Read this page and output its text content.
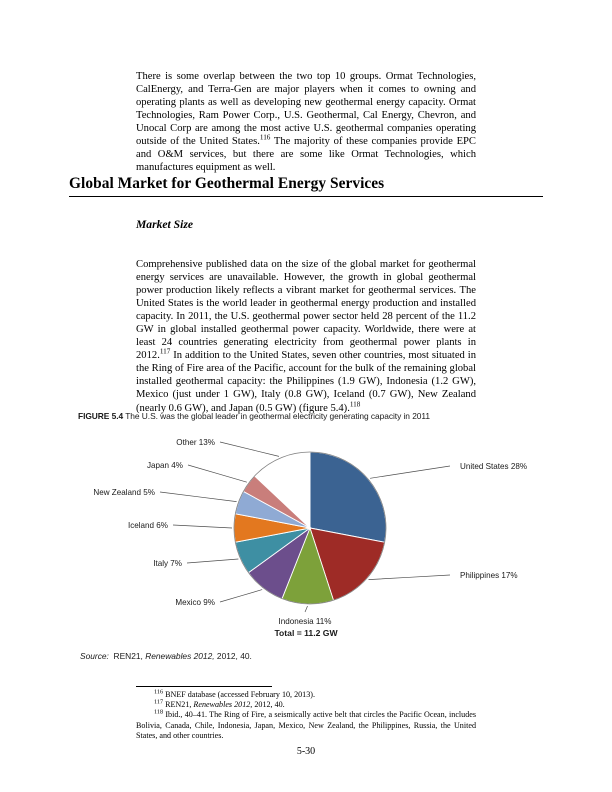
There is some overlap between the two top 10 groups. Ormat Technologies, CalEnergy, and Terra-Gen are major players when it comes to owning and operating plants as well as developing new geothermal energy capacity. Ormat Technologies, Ram Power Corp., U.S. Geothermal, Cal Energy, Chevron, and Unocal Corp are among the most active U.S. geothermal companies operating outside of the United States.$^{116}$ The majority of these companies provide EPC and O&M services, but there are some like Ormat Technologies, which manufactures equipment as well.
Global Market for Geothermal Energy Services
Market Size
Comprehensive published data on the size of the global market for geothermal energy services are unavailable. However, the growth in global geothermal power production likely reflects a vibrant market for geothermal services. The United States is the world leader in geothermal energy production and installed capacity. In 2011, the U.S. geothermal power sector held 28 percent of the 11.2 GW in global installed geothermal power capacity. Worldwide, there were at least 24 countries generating electricity from geothermal power plants in 2012.$^{117}$ In addition to the United States, seven other countries, most situated in the Ring of Fire area of the Pacific, account for the bulk of the remaining global installed geothermal capacity: the Philippines (1.9 GW), Indonesia (1.2 GW), Mexico (just under 1 GW), Italy (0.8 GW), Iceland (0.7 GW), New Zealand (nearly 0.6 GW), and Japan (0.5 GW) (figure 5.4).$^{118}$
FIGURE 5.4 The U.S. was the global leader in geothermal electricity generating capacity in 2011
United States 28%
Philippines 17%
Indonesia 11%
Mexico 9%
Italy 7%
Iceland 6%
New Zealand 5%
Japan 4%
Other 13%
Total = 11.2 GW
Source: REN21, Renewables 2012, 2012, 40.

$^{116}$ BNEF database (accessed February 10, 2013).

$^{117}$ REN21, Renewables 2012, 2012, 40.

$^{118}$ Ibid., 40–41. The Ring of Fire, a seismically active belt that circles the Pacific Ocean, includes Bolivia, Canada, Chile, Indonesia, Japan, Mexico, New Zealand, the Philippines, Russia, the United States, and other countries.

5-30
